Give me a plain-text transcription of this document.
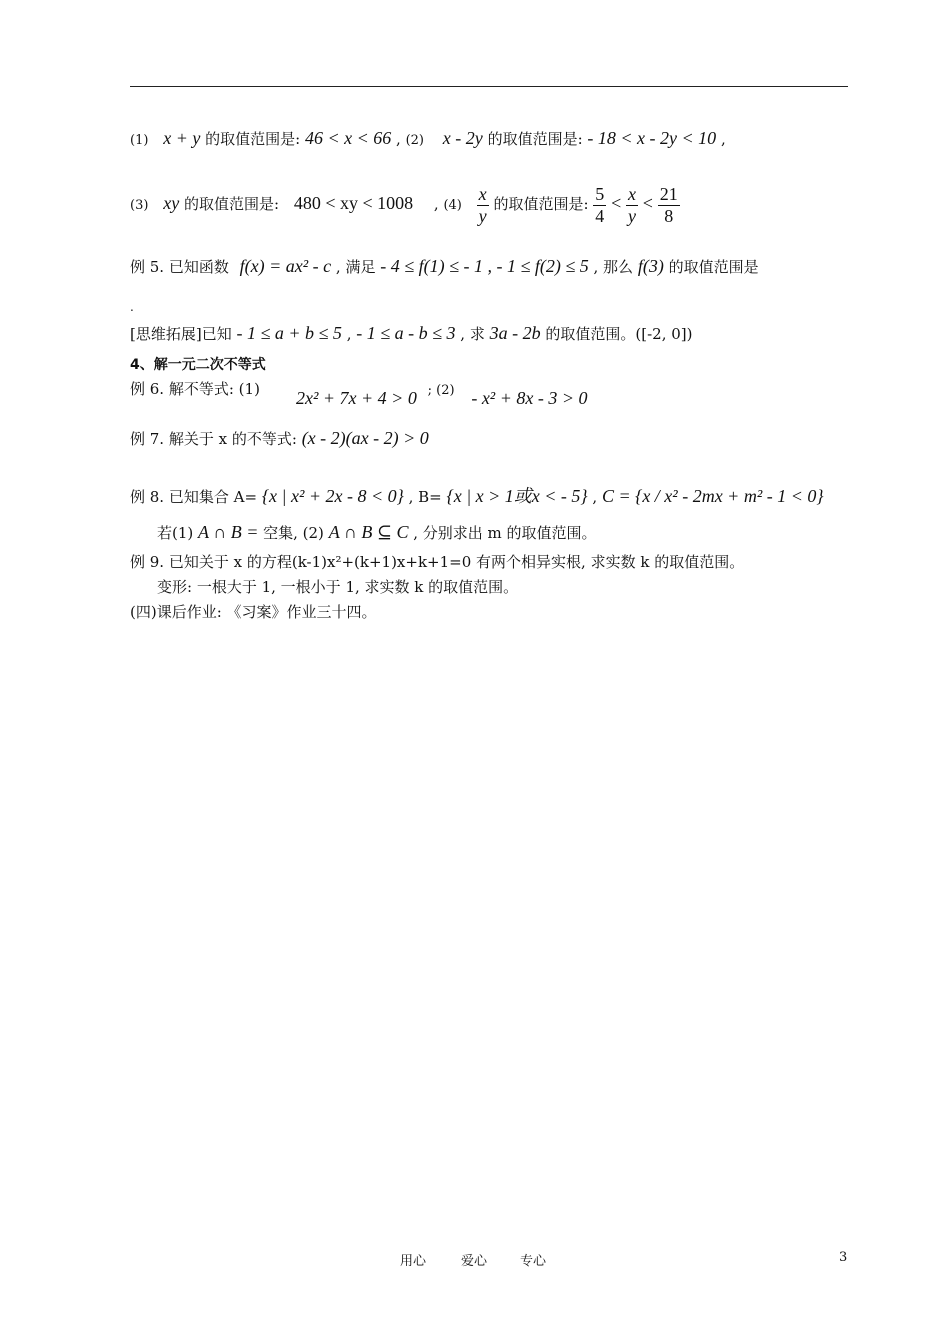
(1) x + y 的取值范围是: 46 < x < 66 , (2) x - 2y 的取值范围是: - 18 < x - 2y < 10 ,
(3) xy 的取值范围是: 480 < xy < 1008 , $(4) \frac{x}{y}$ 的取值范围是: $\frac{5}{4} < \frac{x}{y} < \frac{21}{8}$
例 5. 已知函数 f(x) = ax² - c , 满足 - 4 ≤ f(1) ≤ - 1 , - 1 ≤ f(2) ≤ 5 , 那么 f(3) 的取值范围是
.
[思维拓展]已知 - 1 ≤ a + b ≤ 5 , - 1 ≤ a - b ≤ 3 , 求 3a - 2b 的取值范围。([-2, 0])
4、解一元二次不等式
例 6. 解不等式: (1) 2x² + 7x + 4 > 0 ; (2) - x² + 8x - 3 > 0
例 7. 解关于 x 的不等式: (x - 2)(ax - 2) > 0
例 8. 已知集合 A= {x | x² + 2x - 8 < 0} , B= {x | x > 1或x < - 5} , C = {x / x² - 2mx + m² - 1 < 0}
若(1) A ∩ B = 空集, (2) A ∩ B ⊆ C , 分别求出 m 的取值范围。
例 9. 已知关于 x 的方程(k-1)x²+(k+1)x+k+1=0 有两个相异实根, 求实数 k 的取值范围。
变形: 一根大于 1, 一根小于 1, 求实数 k 的取值范围。
(四)课后作业: 《习案》作业三十四。
用心	爱心	专心	3
